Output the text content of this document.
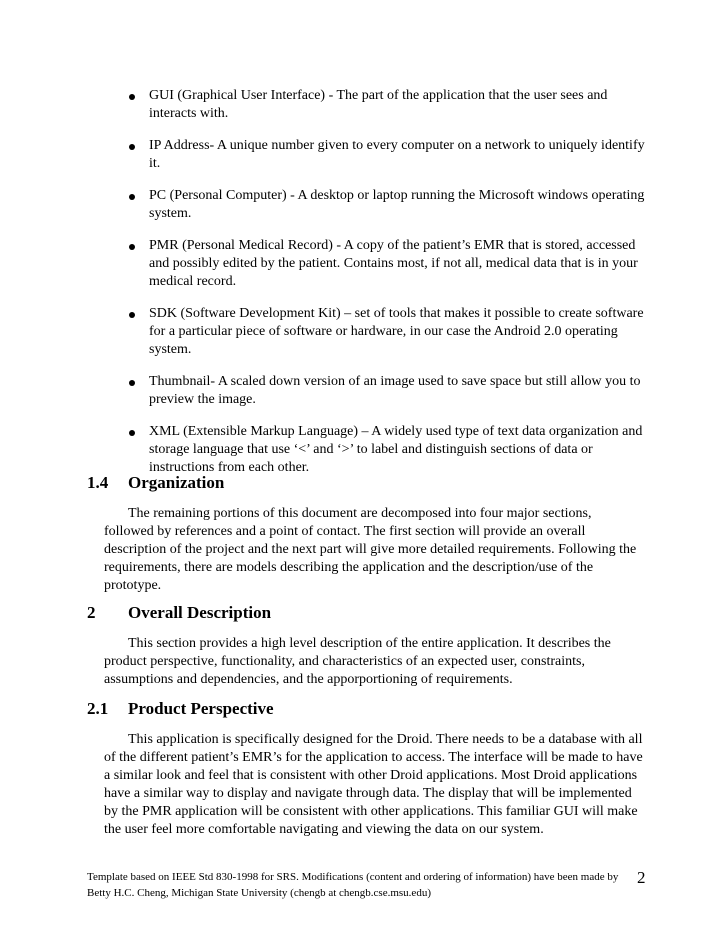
GUI (Graphical User Interface) - The part of the application that the user sees and interacts with.
IP Address- A unique number given to every computer on a network to uniquely identify it.
PC (Personal Computer) - A desktop or laptop running the Microsoft windows operating system.
PMR (Personal Medical Record) - A copy of the patient’s EMR that is stored, accessed and possibly edited by the patient. Contains most, if not all, medical data that is in your medical record.
SDK (Software Development Kit) – set of tools that makes it possible to create software for a particular piece of software or hardware, in our case the Android 2.0 operating system.
Thumbnail- A scaled down version of an image used to save space but still allow you to preview the image.
XML (Extensible Markup Language) – A widely used type of text data organization and storage language that use ‘<’ and ‘>’ to label and distinguish sections of data or instructions from each other.
1.4 Organization

The remaining portions of this document are decomposed into four major sections, followed by references and a point of contact. The first section will provide an overall description of the project and the next part will give more detailed requirements. Following the requirements, there are models describing the application and the description/use of the prototype.

2 Overall Description

This section provides a high level description of the entire application. It describes the product perspective, functionality, and characteristics of an expected user, constraints, assumptions and dependencies, and the apporportioning of requirements.

2.1 Product Perspective

This application is specifically designed for the Droid. There needs to be a database with all of the different patient’s EMR’s for the application to access. The interface will be made to have a similar look and feel that is consistent with other Droid applications. Most Droid applications have a similar way to display and navigate through data. The display that will be implemented by the PMR application will be consistent with other applications. This familiar GUI will make the user feel more comfortable navigating and viewing the data on our system.

Template based on IEEE Std 830-1998 for SRS. Modifications (content and ordering of information) have been made by Betty H.C. Cheng, Michigan State University (chengb at chengb.cse.msu.edu)
2
